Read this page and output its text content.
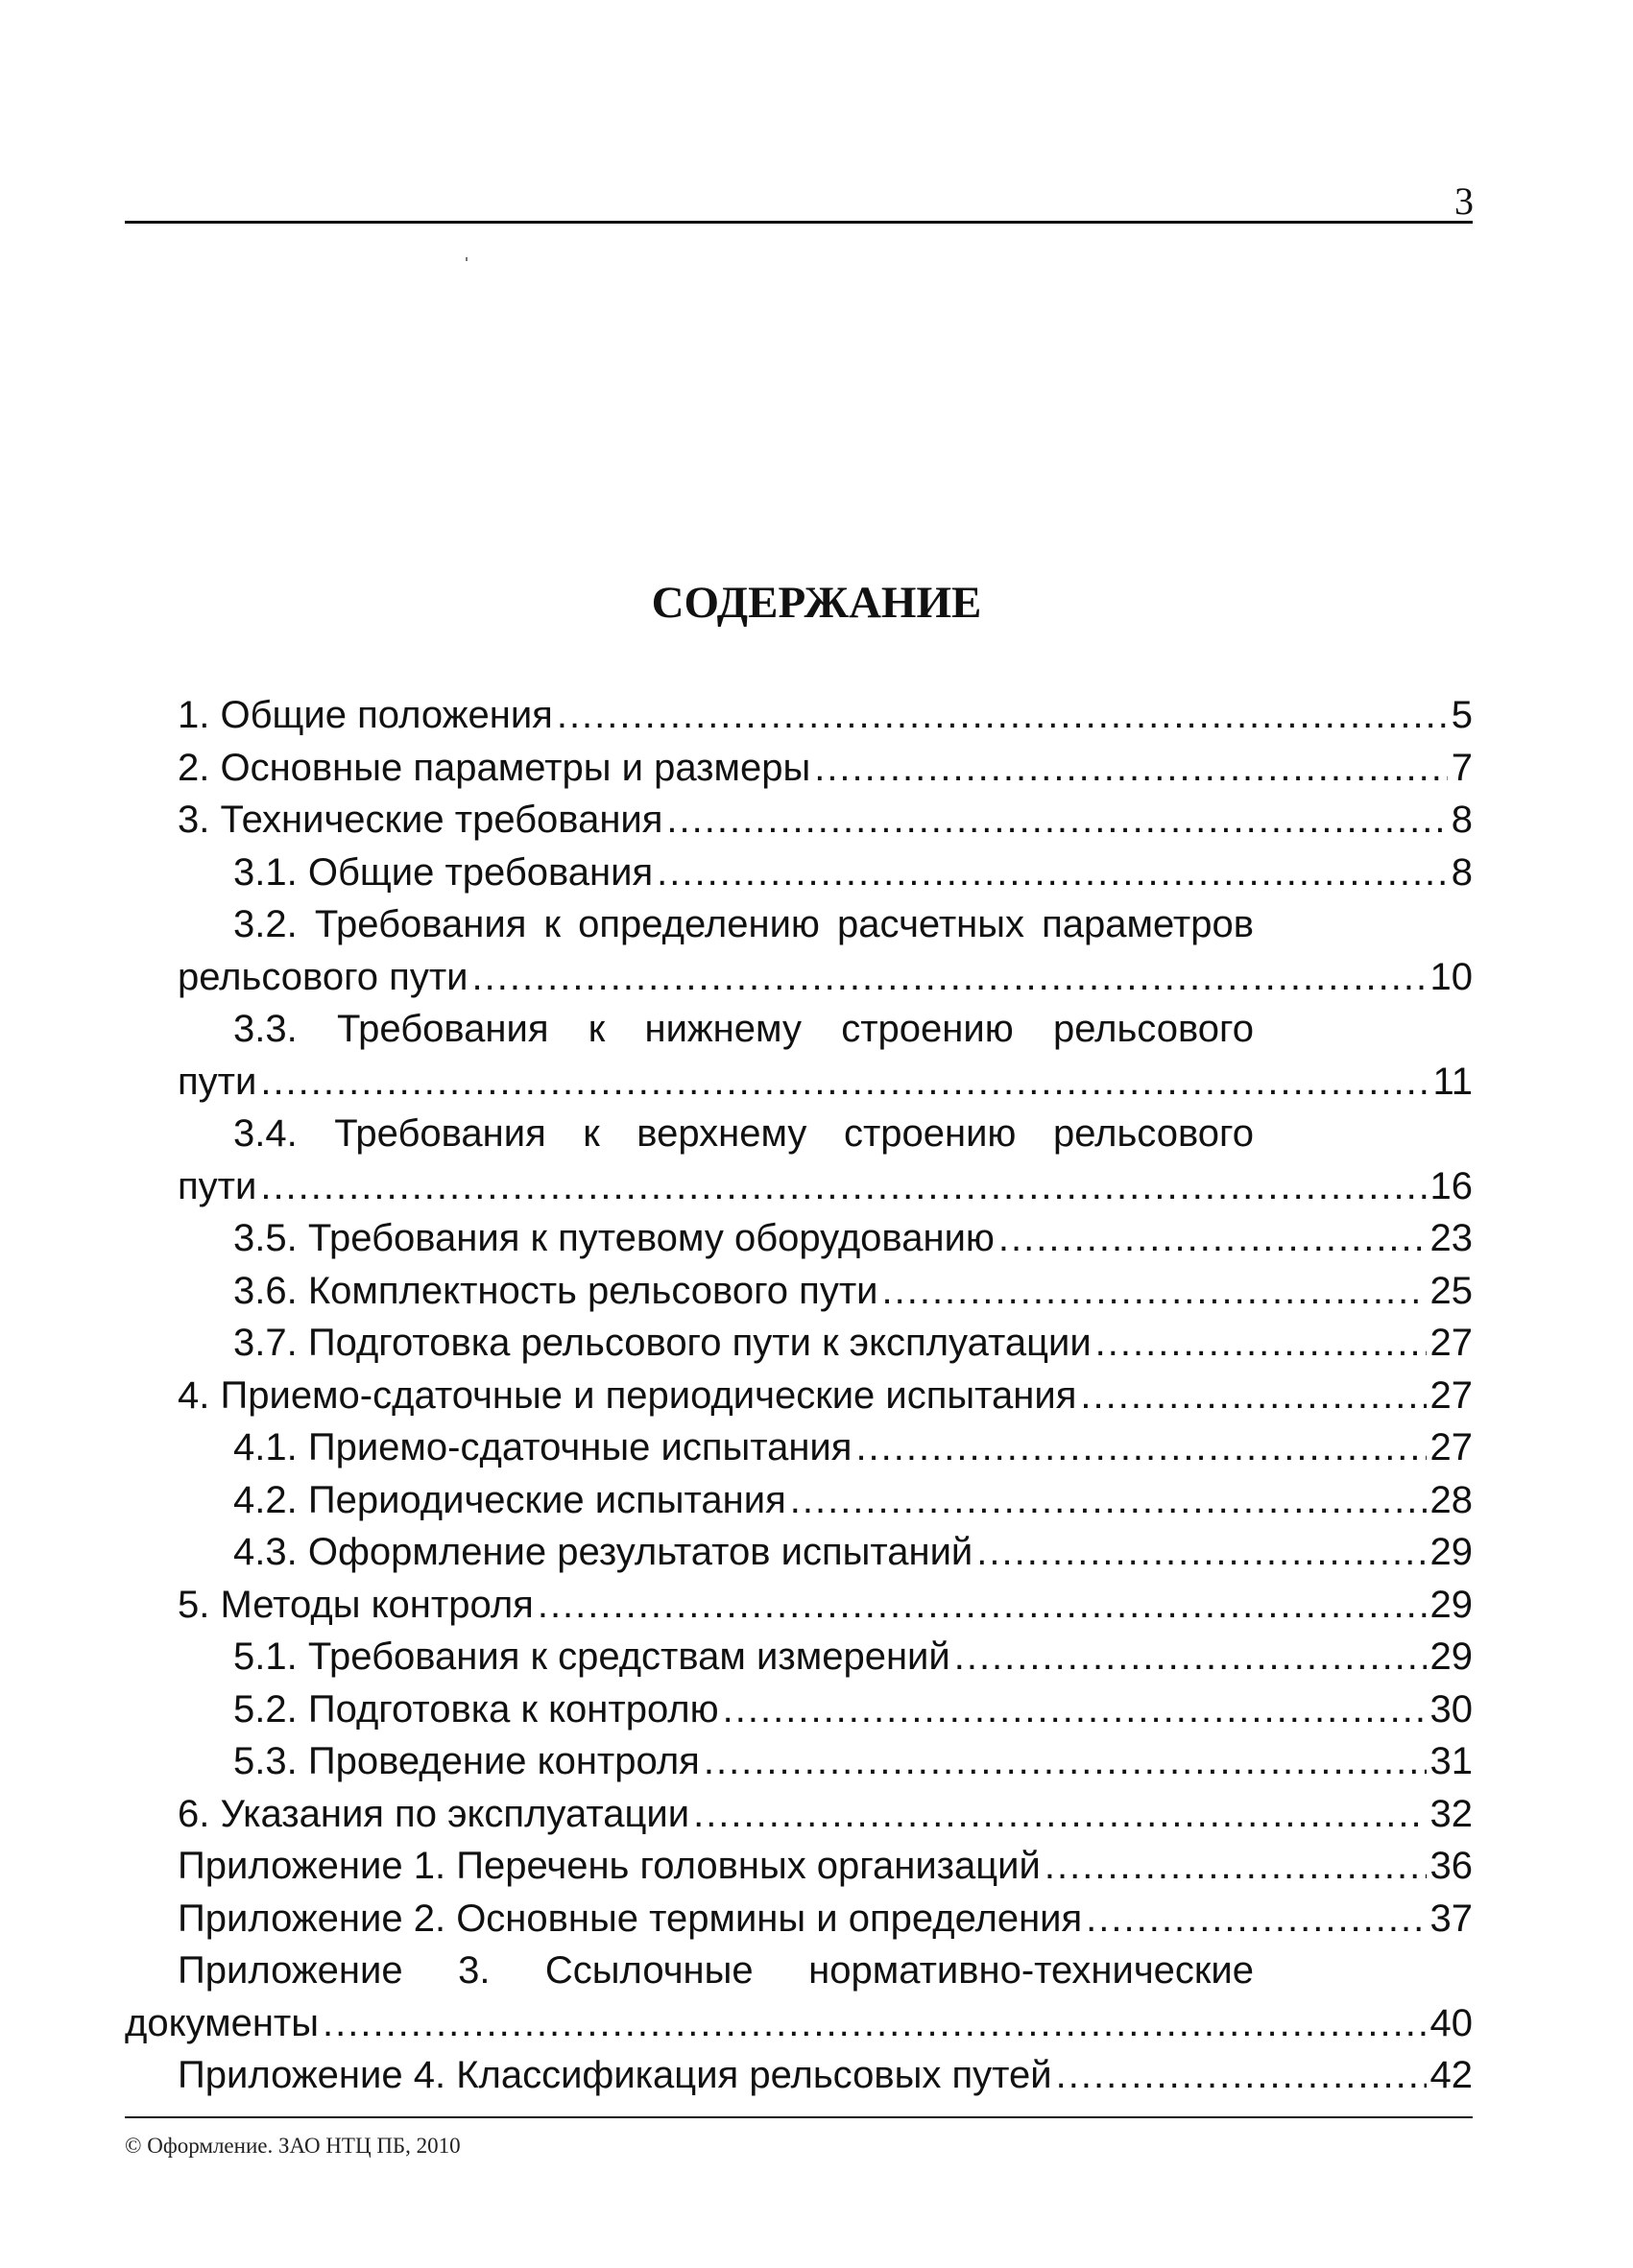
3
СОДЕРЖАНИЕ
1. Общие положения .....	5
2. Основные параметры и размеры .....	7
3. Технические требования .....	8
3.1. Общие требования .....	8
3.2. Требования к определению расчетных параметров
рельсового пути .....	10
3.3. Требования к нижнему строению рельсового
пути .....	11
3.4. Требования к верхнему строению рельсового
пути .....	16
3.5. Требования к путевому оборудованию .....	23
3.6. Комплектность рельсового пути .....	25
3.7. Подготовка рельсового пути к эксплуатации .....	27
4. Приемо-сдаточные и периодические испытания .....	27
4.1. Приемо-сдаточные испытания .....	27
4.2. Периодические испытания .....	28
4.3. Оформление результатов испытаний .....	29
5. Методы контроля .....	29
5.1. Требования к средствам измерений .....	29
5.2. Подготовка к контролю .....	30
5.3. Проведение контроля .....	31
6. Указания по эксплуатации .....	32
Приложение 1. Перечень головных организаций .....	36
Приложение 2. Основные термины и определения .....	37
Приложение 3. Ссылочные нормативно-технические
документы .....	40
Приложение 4. Классификация рельсовых путей .....	42
© Оформление. ЗАО НТЦ ПБ, 2010
